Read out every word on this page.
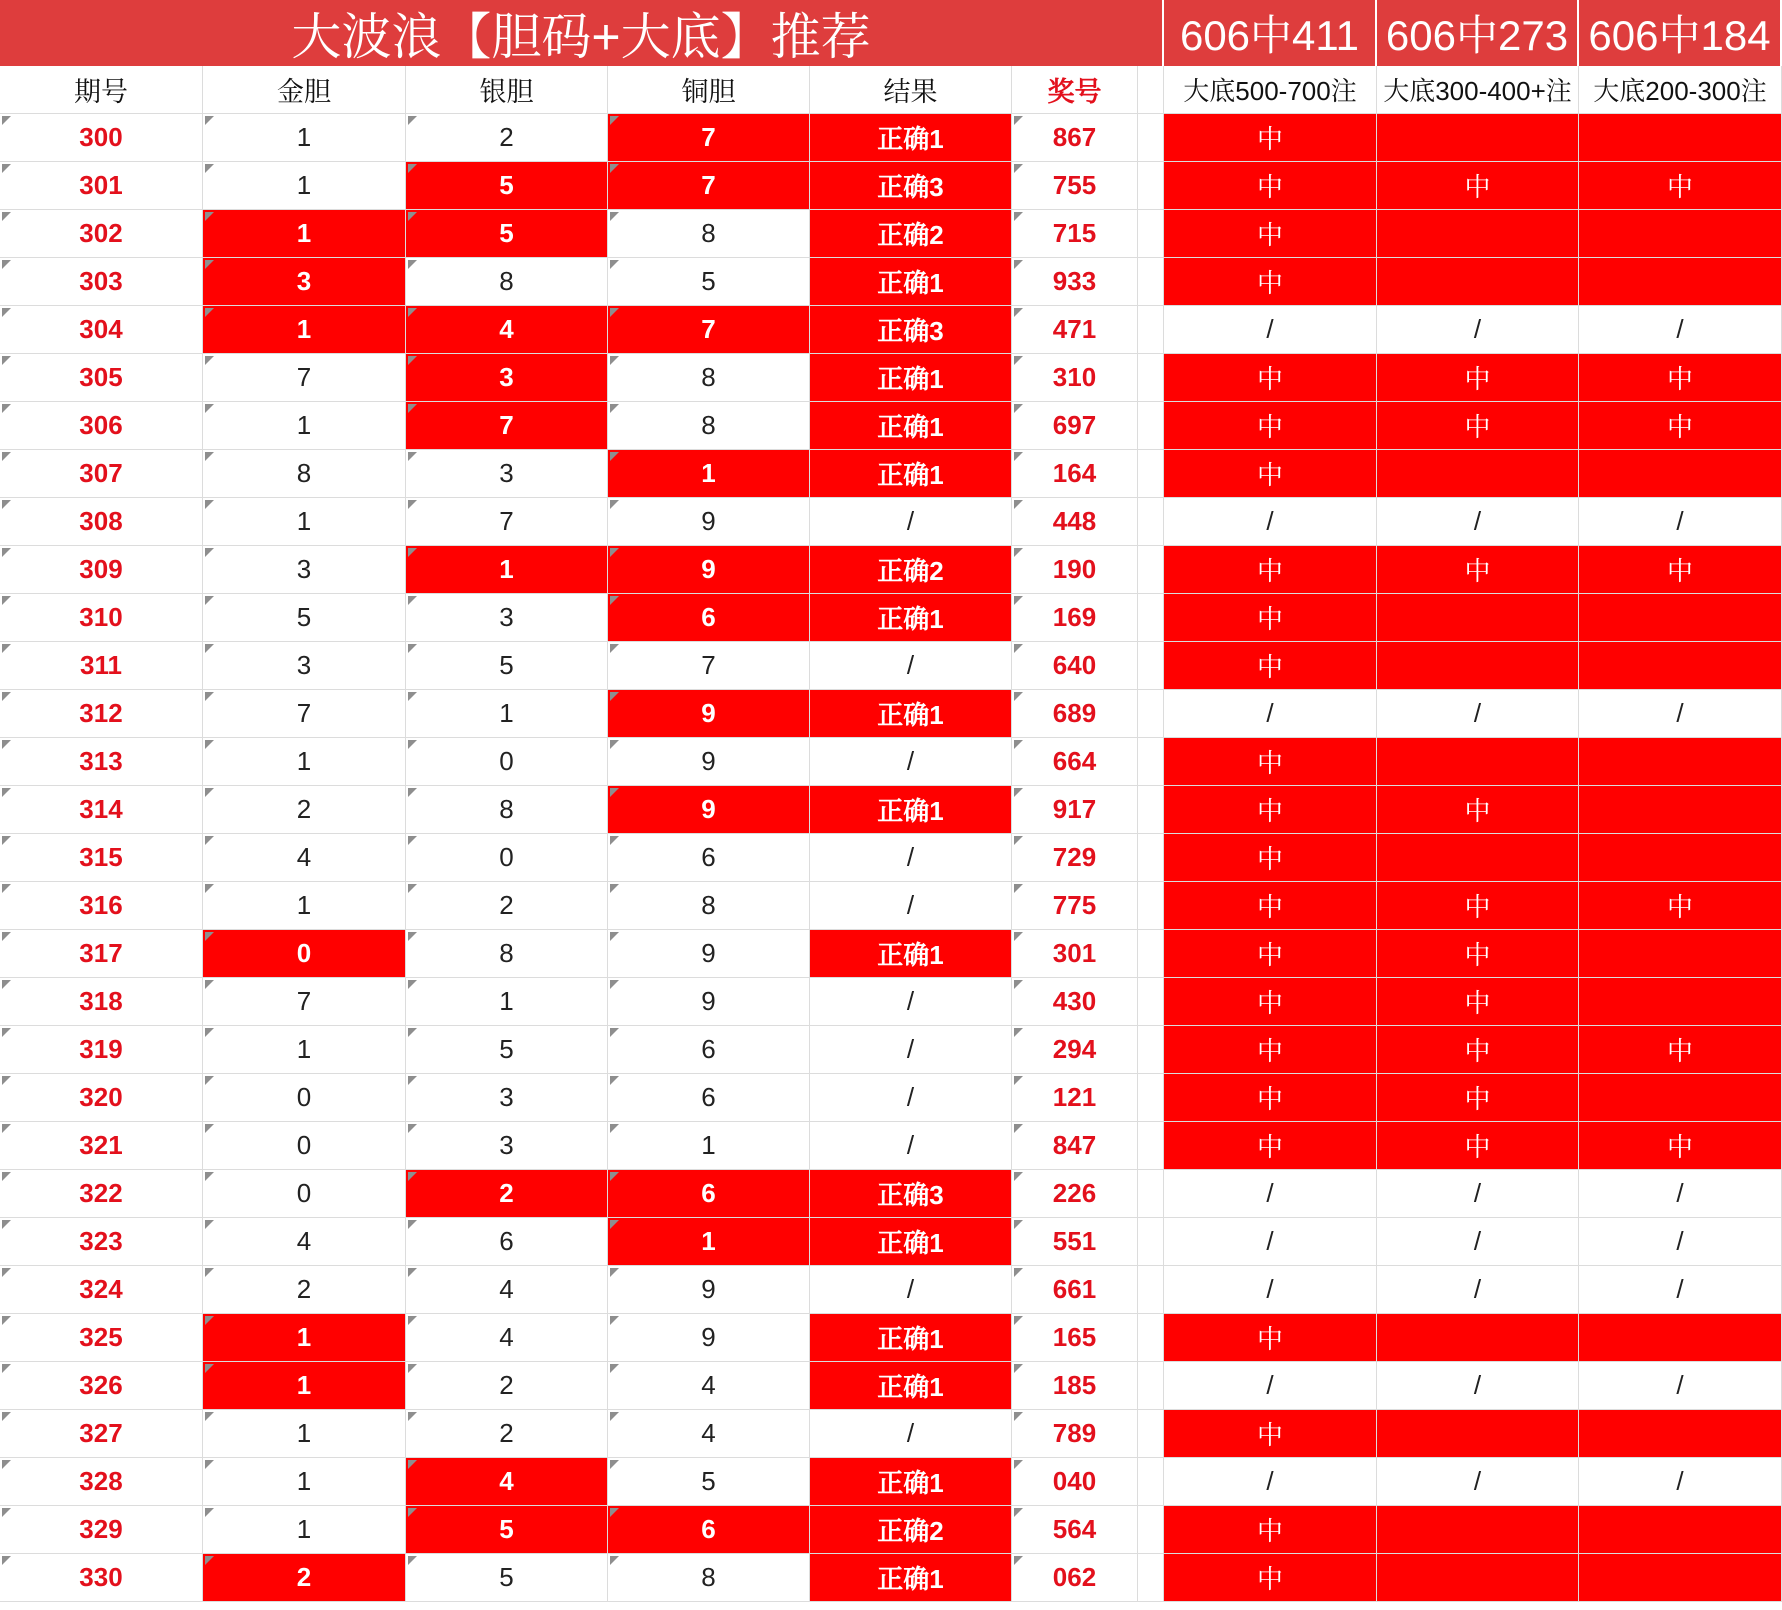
大波浪【胆码+大底】推荐	606中411 606中273 606中184
期号	金胆	银胆	铜胆	结果	奖号	大底500-700注	大底300-400+注 大底200-300注
300	1	2	7	正确1	867	中
301	1	5	7	正确3	755	中	中	中
302	1	5	8	正确2	715	中
303	3	8	5	正确1	933	中
304	1	4	7	正确3	471	/	/	/
305	7	3	8	正确1	310	中	中	中
306	1	7	8	正确1	697	中	中	中
307	8	3	1	正确1	164	中
308	1	7	9	/	448	/	/	/
309	3	1	9	正确2	190	中	中	中
310	5	3	6	正确1	169	中
311	3	5	7	/	640	中
312	7	1	9	正确1	689	/	/	/
313	1	0	9	/	664	中
314	2	8	9	正确1	917	中	中
315	4	0	6	/	729	中
316	1	2	8	/	775	中	中	中
317	0	8	9	正确1	301	中	中
318	7	1	9	/	430	中	中
319	1	5	6	/	294	中	中	中
320	0	3	6	/	121	中	中
321	0	3	1	/	847	中	中	中
322	0	2	6	正确3	226	/	/	/
323	4	6	1	正确1	551	/	/	/
324	2	4	9	/	661	/	/	/
325	1	4	9	正确1	165	中
326	1	2	4	正确1	185	/	/	/
327	1	2	4	/	789	中
328	1	4	5	正确1	040	/	/	/
329	1	5	6	正确2	564	中
330	2	5	8	正确1	062	中
